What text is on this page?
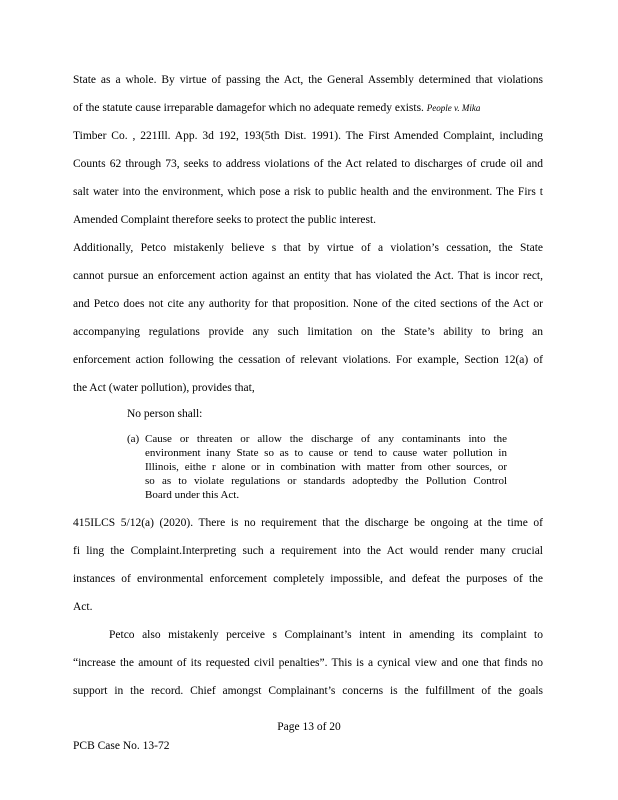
State as a whole. By virtue of passing the Act, the General Assembly determined that violations
of the statute cause irreparable damagefor which no adequate remedy exists. People v. Mika
Timber Co. , 221Ill. App. 3d 192, 193(5th Dist. 1991). The First Amended Complaint, including
Counts 62 through 73, seeks to address violations of the Act related to discharges of crude oil and
salt water into the environment, which pose a risk to public health and the environment. The Firs t
Amended Complaint therefore seeks to protect the public interest.
Additionally, Petco mistakenly believe s that by virtue of a violation’s cessation, the State
cannot pursue an enforcement action against an entity that has violated the Act. That is incor rect,
and Petco does not cite any authority for that proposition. None of the cited sections of the Act or
accompanying regulations provide any such limitation on the State’s ability to bring an
enforcement action following the cessation of relevant violations. For example, Section 12(a) of
the Act (water pollution), provides that,
No person shall:
(a) Cause or threaten or allow the discharge of any contaminants into the
environment inany State so as to cause or tend to cause water pollution in
Illinois, eithe r alone or in combination with matter from other sources, or
so as to violate regulations or standards adoptedby the Pollution Control
Board under this Act.
415ILCS 5/12(a) (2020). There is no requirement that the discharge be ongoing at the time of
fi ling the Complaint.Interpreting such a requirement into the Act would render many crucial
instances of environmental enforcement completely impossible, and defeat the purposes of the
Act.
Petco also mistakenly perceive s Complainant’s intent in amending its complaint to
“increase the amount of its requested civil penalties”. This is a cynical view and one that finds no
support in the record. Chief amongst Complainant’s concerns is the fulfillment of the goals
Page 13 of 20
PCB Case No. 13-72
